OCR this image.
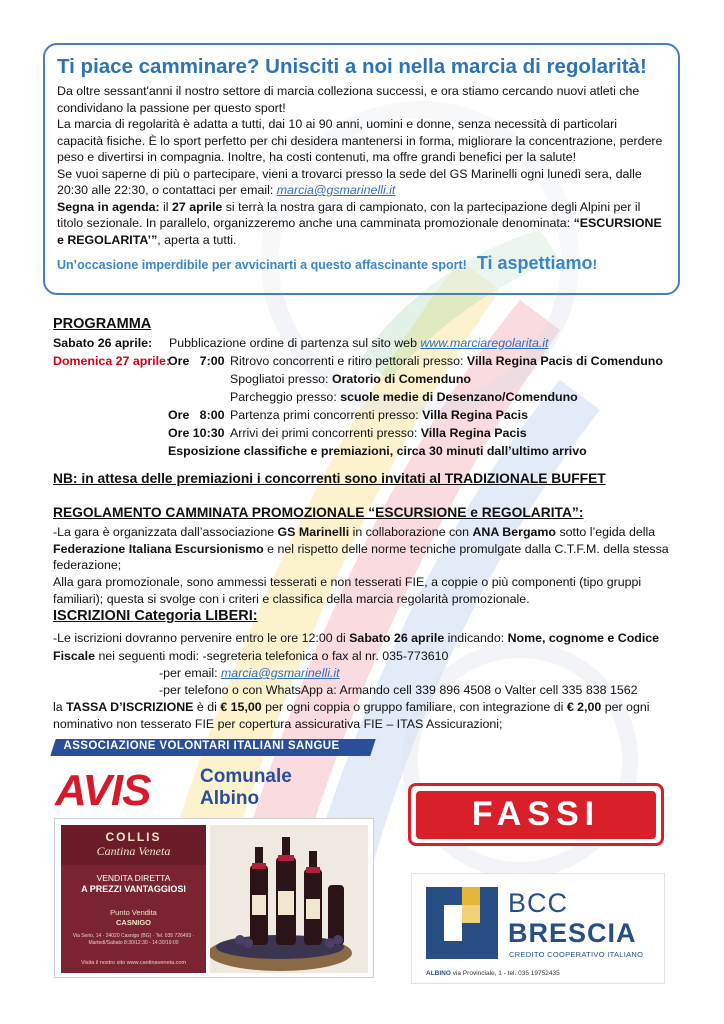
Ti piace camminare? Unisciti a noi nella marcia di regolarità!

Da oltre sessant'anni il nostro settore di marcia colleziona successi, e ora stiamo cercando nuovi atleti che condividano la passione per questo sport!

La marcia di regolarità è adatta a tutti, dai 10 ai 90 anni, uomini e donne, senza necessità di particolari capacità fisiche. È lo sport perfetto per chi desidera mantenersi in forma, migliorare la concentrazione, perdere peso e divertirsi in compagnia. Inoltre, ha costi contenuti, ma offre grandi benefici per la salute!

Se vuoi saperne di più o partecipare, vieni a trovarci presso la sede del GS Marinelli ogni lunedì sera, dalle 20:30 alle 22:30, o contattaci per email: marcia@gsmarinelli.it

Segna in agenda: il 27 aprile si terrà la nostra gara di campionato, con la partecipazione degli Alpini per il titolo sezionale. In parallelo, organizzeremo anche una camminata promozionale denominata: “ESCURSIONE e REGOLARITA’”, aperta a tutti.

Un’occasione imperdibile per avvicinarti a questo affascinante sport! Ti aspettiamo!
PROGRAMMA
Sabato 26 aprile: Pubblicazione ordine di partenza sul sito web www.marciaregolarita.it
Domenica 27 aprile:
Ore   7:00 Ritrovo concorrenti e ritiro pettorali presso: Villa Regina Pacis di Comenduno
Spogliatoi presso: Oratorio di Comenduno
Parcheggio presso: scuole medie di Desenzano/Comenduno
Ore   8:00 Partenza primi concorrenti presso: Villa Regina Pacis
Ore 10:30 Arrivi dei primi concorrenti presso: Villa Regina Pacis
Esposizione classifiche e premiazioni, circa 30 minuti dall’ultimo arrivo
NB: in attesa delle premiazioni i concorrenti sono invitati al TRADIZIONALE BUFFET
REGOLAMENTO CAMMINATA PROMOZIONALE “ESCURSIONE e REGOLARITA”:
-La gara è organizzata dall’associazione GS Marinelli in collaborazione con ANA Bergamo sotto l’egida della Federazione Italiana Escursionismo e nel rispetto delle norme tecniche promulgate dalla C.T.F.M. della stessa federazione;
Alla gara promozionale, sono ammessi tesserati e non tesserati FIE, a coppie o più componenti (tipo gruppi familiari); questa si svolge con i criteri e classifica della marcia regolarità promozionale.
ISCRIZIONI Categoria LIBERI:
-Le iscrizioni dovranno pervenire entro le ore 12:00 di Sabato 26 aprile indicando: Nome, cognome e Codice
Fiscale nei seguenti modi: -segreteria telefonica o fax al nr. 035-773610
-per email: marcia@gsmarinelli.it
-per telefono o con WhatsApp a: Armando cell 339 896 4508 o Valter cell 335 838 1562
la TASSA D’ISCRIZIONE è di € 15,00 per ogni coppia o gruppo familiare, con integrazione di € 2,00 per ogni
nominativo non tesserato FIE per copertura assicurativa FIE – ITAS Assicurazioni;
ASSOCIAZIONE VOLONTARI ITALIANI SANGUE
AVIS	Comunale
Albino	FASSI
COLLIS
Cantina Veneta
VENDITA DIRETTA
A PREZZI VANTAGGIOSI
Punto Vendita
CASNIGO
Via Serio, 14 · 24020 Casnigo (BG) · Tel. 035 726493 · Martedì/Sabato 8:30/12:30 - 14:30/19:00
Visita il nostro sito www.cantinaveneta.com
BCC
BRESCIA
CREDITO COOPERATIVO ITALIANO
ALBINO via Provinciale, 1 - tel. 035 19752435
